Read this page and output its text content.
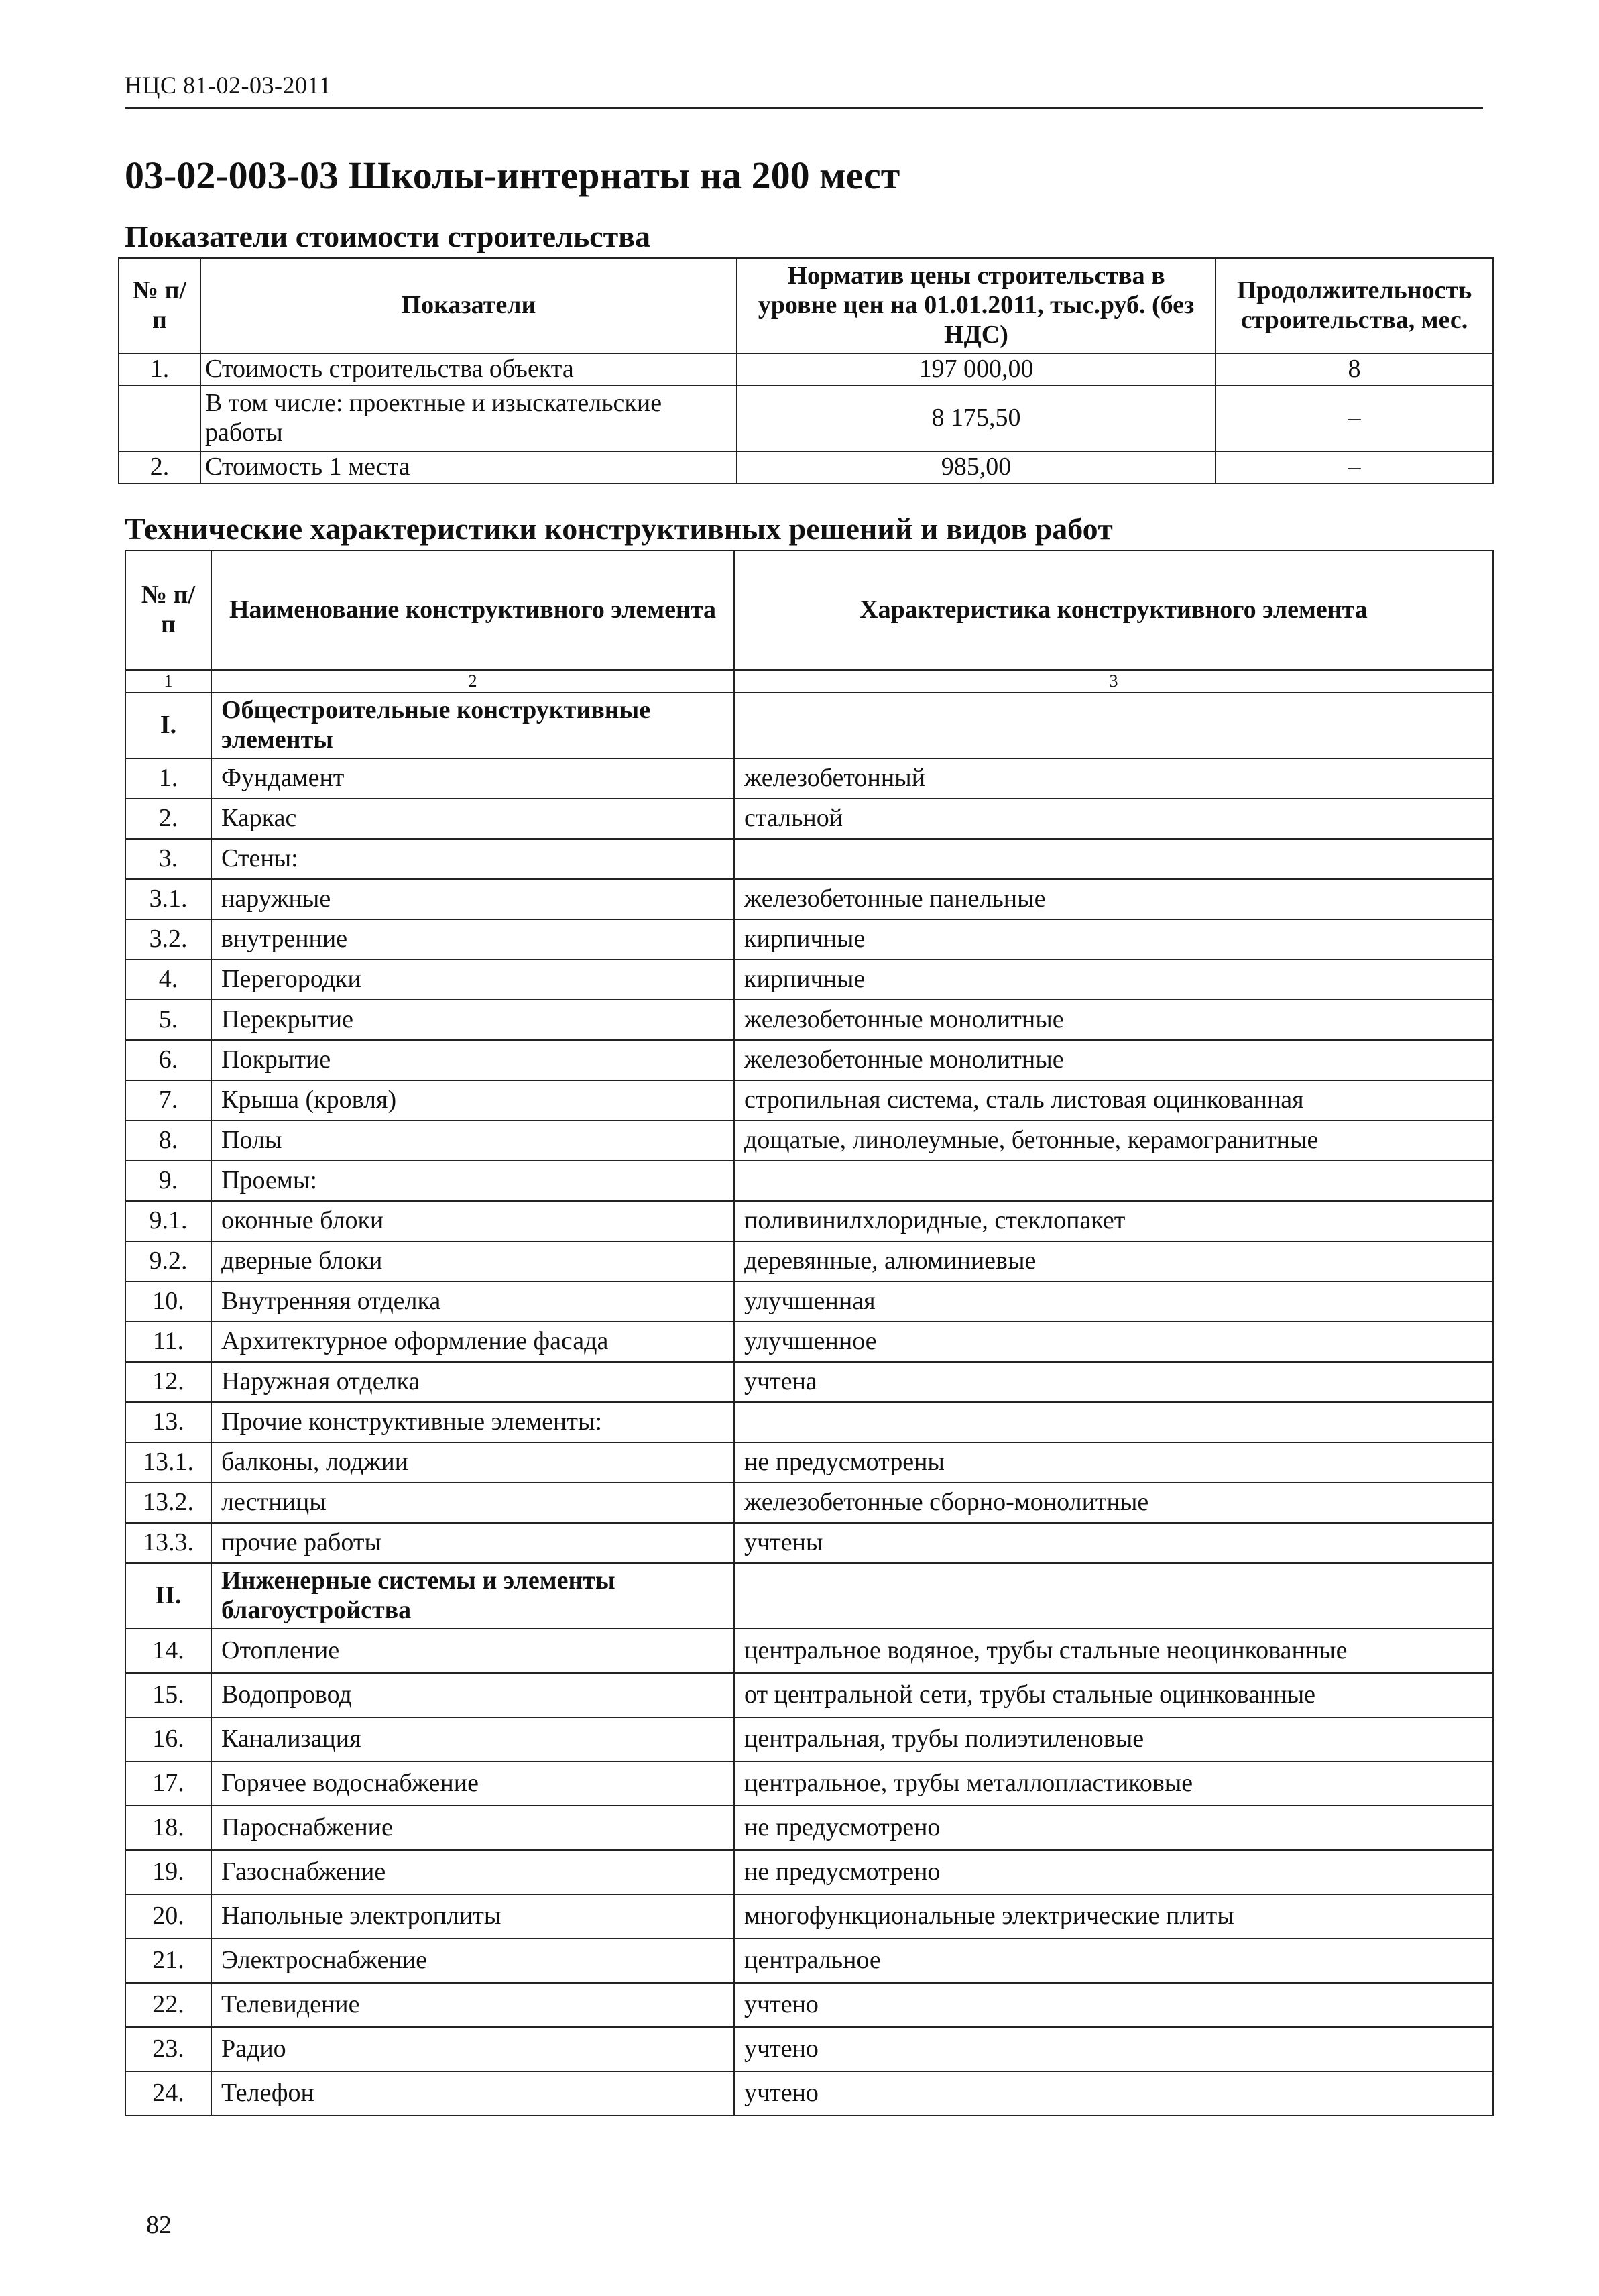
НЦС 81-02-03-2011
03-02-003-03 Школы-интернаты на 200 мест
Показатели стоимости строительства
№ п/п	Показатели	Норматив цены строительства в уровне цен на 01.01.2011, тыс.руб. (без НДС)	Продолжительность строительства, мес.
1.	Стоимость строительства объекта	197 000,00	8
	В том числе: проектные и изыскательские работы	8 175,50	–
2.	Стоимость 1 места	985,00	–
Технические характеристики конструктивных решений и видов работ
№ п/п	Наименование конструктивного элемента	Характеристика конструктивного элемента
1	2	3
I.	Общестроительные конструктивные элементы	
1.	Фундамент	железобетонный
2.	Каркас	стальной
3.	Стены:	
3.1.	наружные	железобетонные панельные
3.2.	внутренние	кирпичные
4.	Перегородки	кирпичные
5.	Перекрытие	железобетонные монолитные
6.	Покрытие	железобетонные монолитные
7.	Крыша (кровля)	стропильная система, сталь листовая оцинкованная
8.	Полы	дощатые, линолеумные, бетонные, керамогранитные
9.	Проемы:	
9.1.	оконные блоки	поливинилхлоридные, стеклопакет
9.2.	дверные блоки	деревянные, алюминиевые
10.	Внутренняя отделка	улучшенная
11.	Архитектурное оформление фасада	улучшенное
12.	Наружная отделка	учтена
13.	Прочие конструктивные элементы:	
13.1.	балконы, лоджии	не предусмотрены
13.2.	лестницы	железобетонные сборно-монолитные
13.3.	прочие работы	учтены
II.	Инженерные системы и элементы благоустройства	
14.	Отопление	центральное водяное, трубы стальные неоцинкованные
15.	Водопровод	от центральной сети, трубы стальные оцинкованные
16.	Канализация	центральная, трубы полиэтиленовые
17.	Горячее водоснабжение	центральное, трубы металлопластиковые
18.	Пароснабжение	не предусмотрено
19.	Газоснабжение	не предусмотрено
20.	Напольные электроплиты	многофункциональные электрические плиты
21.	Электроснабжение	центральное
22.	Телевидение	учтено
23.	Радио	учтено
24.	Телефон	учтено
82
